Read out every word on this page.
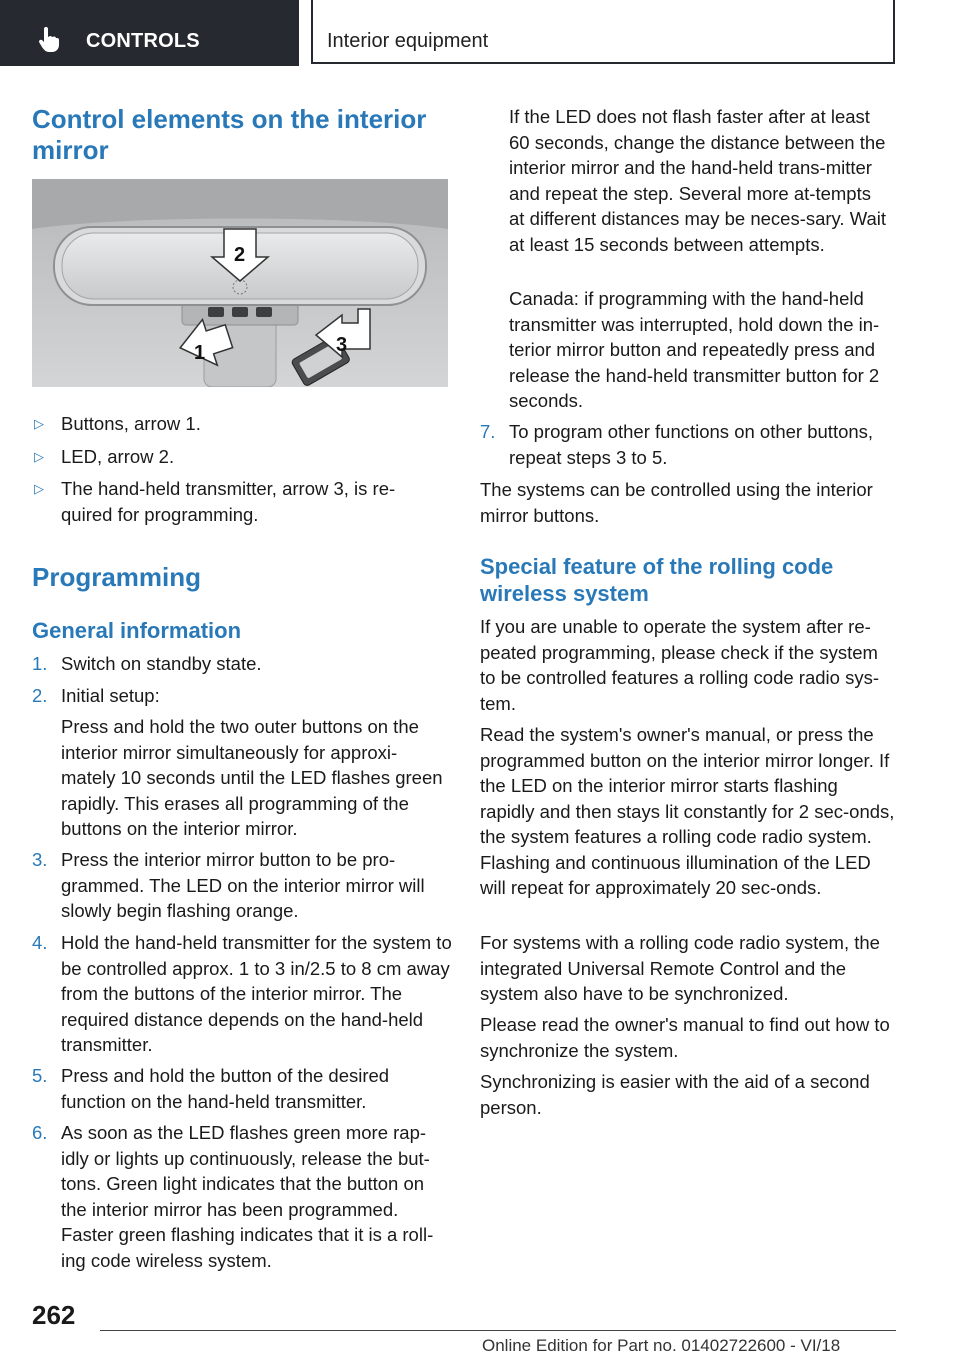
CONTROLS	Interior equipment
Control elements on the interior mirror
2
1	3
▷ Buttons, arrow 1.

▷ LED, arrow 2.

▷ The hand-held transmitter, arrow 3, is re-quired for programming.

Programming
General information
1. Switch on standby state.

2. Initial setup:

Press and hold the two outer buttons on the interior mirror simultaneously for approxi-mately 10 seconds until the LED flashes green rapidly. This erases all programming of the buttons on the interior mirror.

3. Press the interior mirror button to be pro-grammed. The LED on the interior mirror will slowly begin flashing orange.

4. Hold the hand-held transmitter for the system to be controlled approx. 1 to 3 in/2.5 to 8 cm away from the buttons of the interior mirror. The required distance depends on the hand-held transmitter.

5. Press and hold the button of the desired function on the hand-held transmitter.

6. As soon as the LED flashes green more rap-idly or lights up continuously, release the but-tons. Green light indicates that the button on the interior mirror has been programmed. Faster green flashing indicates that it is a roll-ing code wireless system.

If the LED does not flash faster after at least 60 seconds, change the distance between the interior mirror and the hand-held trans-mitter and repeat the step. Several more at-tempts at different distances may be neces-sary. Wait at least 15 seconds between attempts.

Canada: if programming with the hand-held transmitter was interrupted, hold down the in-terior mirror button and repeatedly press and release the hand-held transmitter button for 2 seconds.

7. To program other functions on other buttons, repeat steps 3 to 5.

The systems can be controlled using the interior mirror buttons.

Special feature of the rolling code wireless system

If you are unable to operate the system after re-peated programming, please check if the system to be controlled features a rolling code radio sys-tem.

Read the system's owner's manual, or press the programmed button on the interior mirror longer. If the LED on the interior mirror starts flashing rapidly and then stays lit constantly for 2 sec-onds, the system features a rolling code radio system. Flashing and continuous illumination of the LED will repeat for approximately 20 sec-onds.

For systems with a rolling code radio system, the integrated Universal Remote Control and the system also have to be synchronized.

Please read the owner's manual to find out how to synchronize the system.

Synchronizing is easier with the aid of a second person.

262
Online Edition for Part no. 01402722600 - VI/18
